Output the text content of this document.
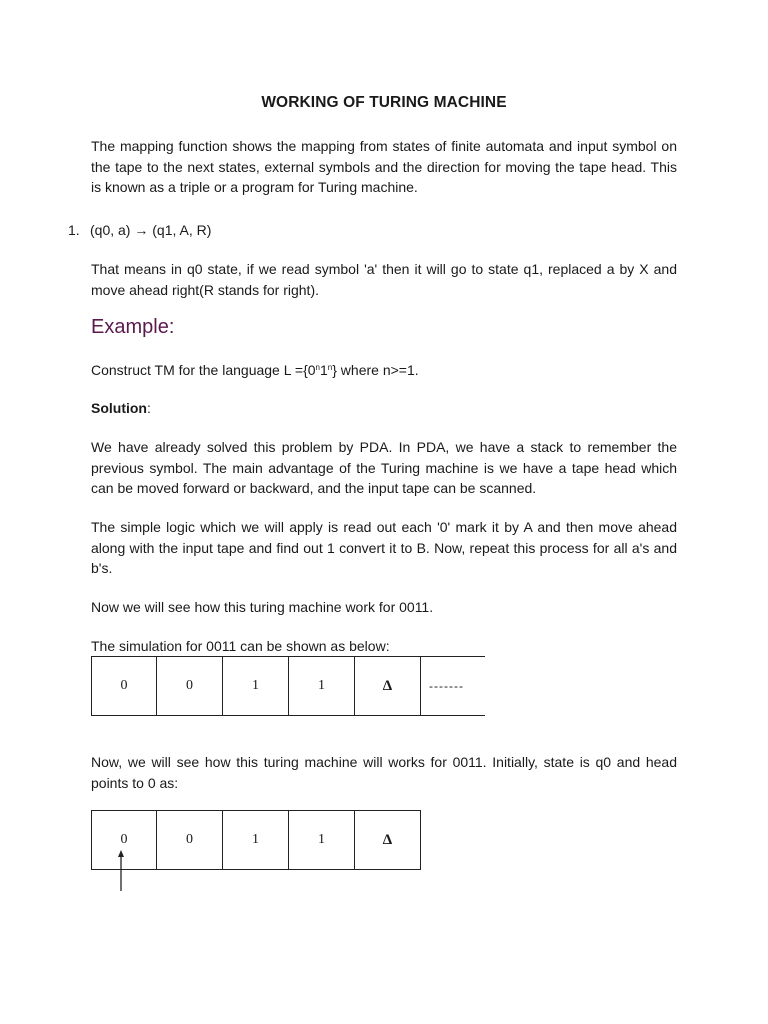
WORKING OF TURING MACHINE

The mapping function shows the mapping from states of finite automata and input symbol on the tape to the next states, external symbols and the direction for moving the tape head. This is known as a triple or a program for Turing machine.

1. (q0, a) → (q1, A, R)

That means in q0 state, if we read symbol 'a' then it will go to state q1, replaced a by X and move ahead right(R stands for right).

Example:

Construct TM for the language $L =\{0^n1^n\}$ where n>=1.

Solution:

We have already solved this problem by PDA. In PDA, we have a stack to remember the previous symbol. The main advantage of the Turing machine is we have a tape head which can be moved forward or backward, and the input tape can be scanned.

The simple logic which we will apply is read out each '0' mark it by A and then move ahead along with the input tape and find out 1 convert it to B. Now, repeat this process for all a's and b's.

Now we will see how this turing machine work for 0011.

The simulation for 0011 can be shown as below:

0	0	1	1	Δ	-------

Now, we will see how this turing machine will works for 0011. Initially, state is q0 and head points to 0 as:

0	0	1	1	Δ
